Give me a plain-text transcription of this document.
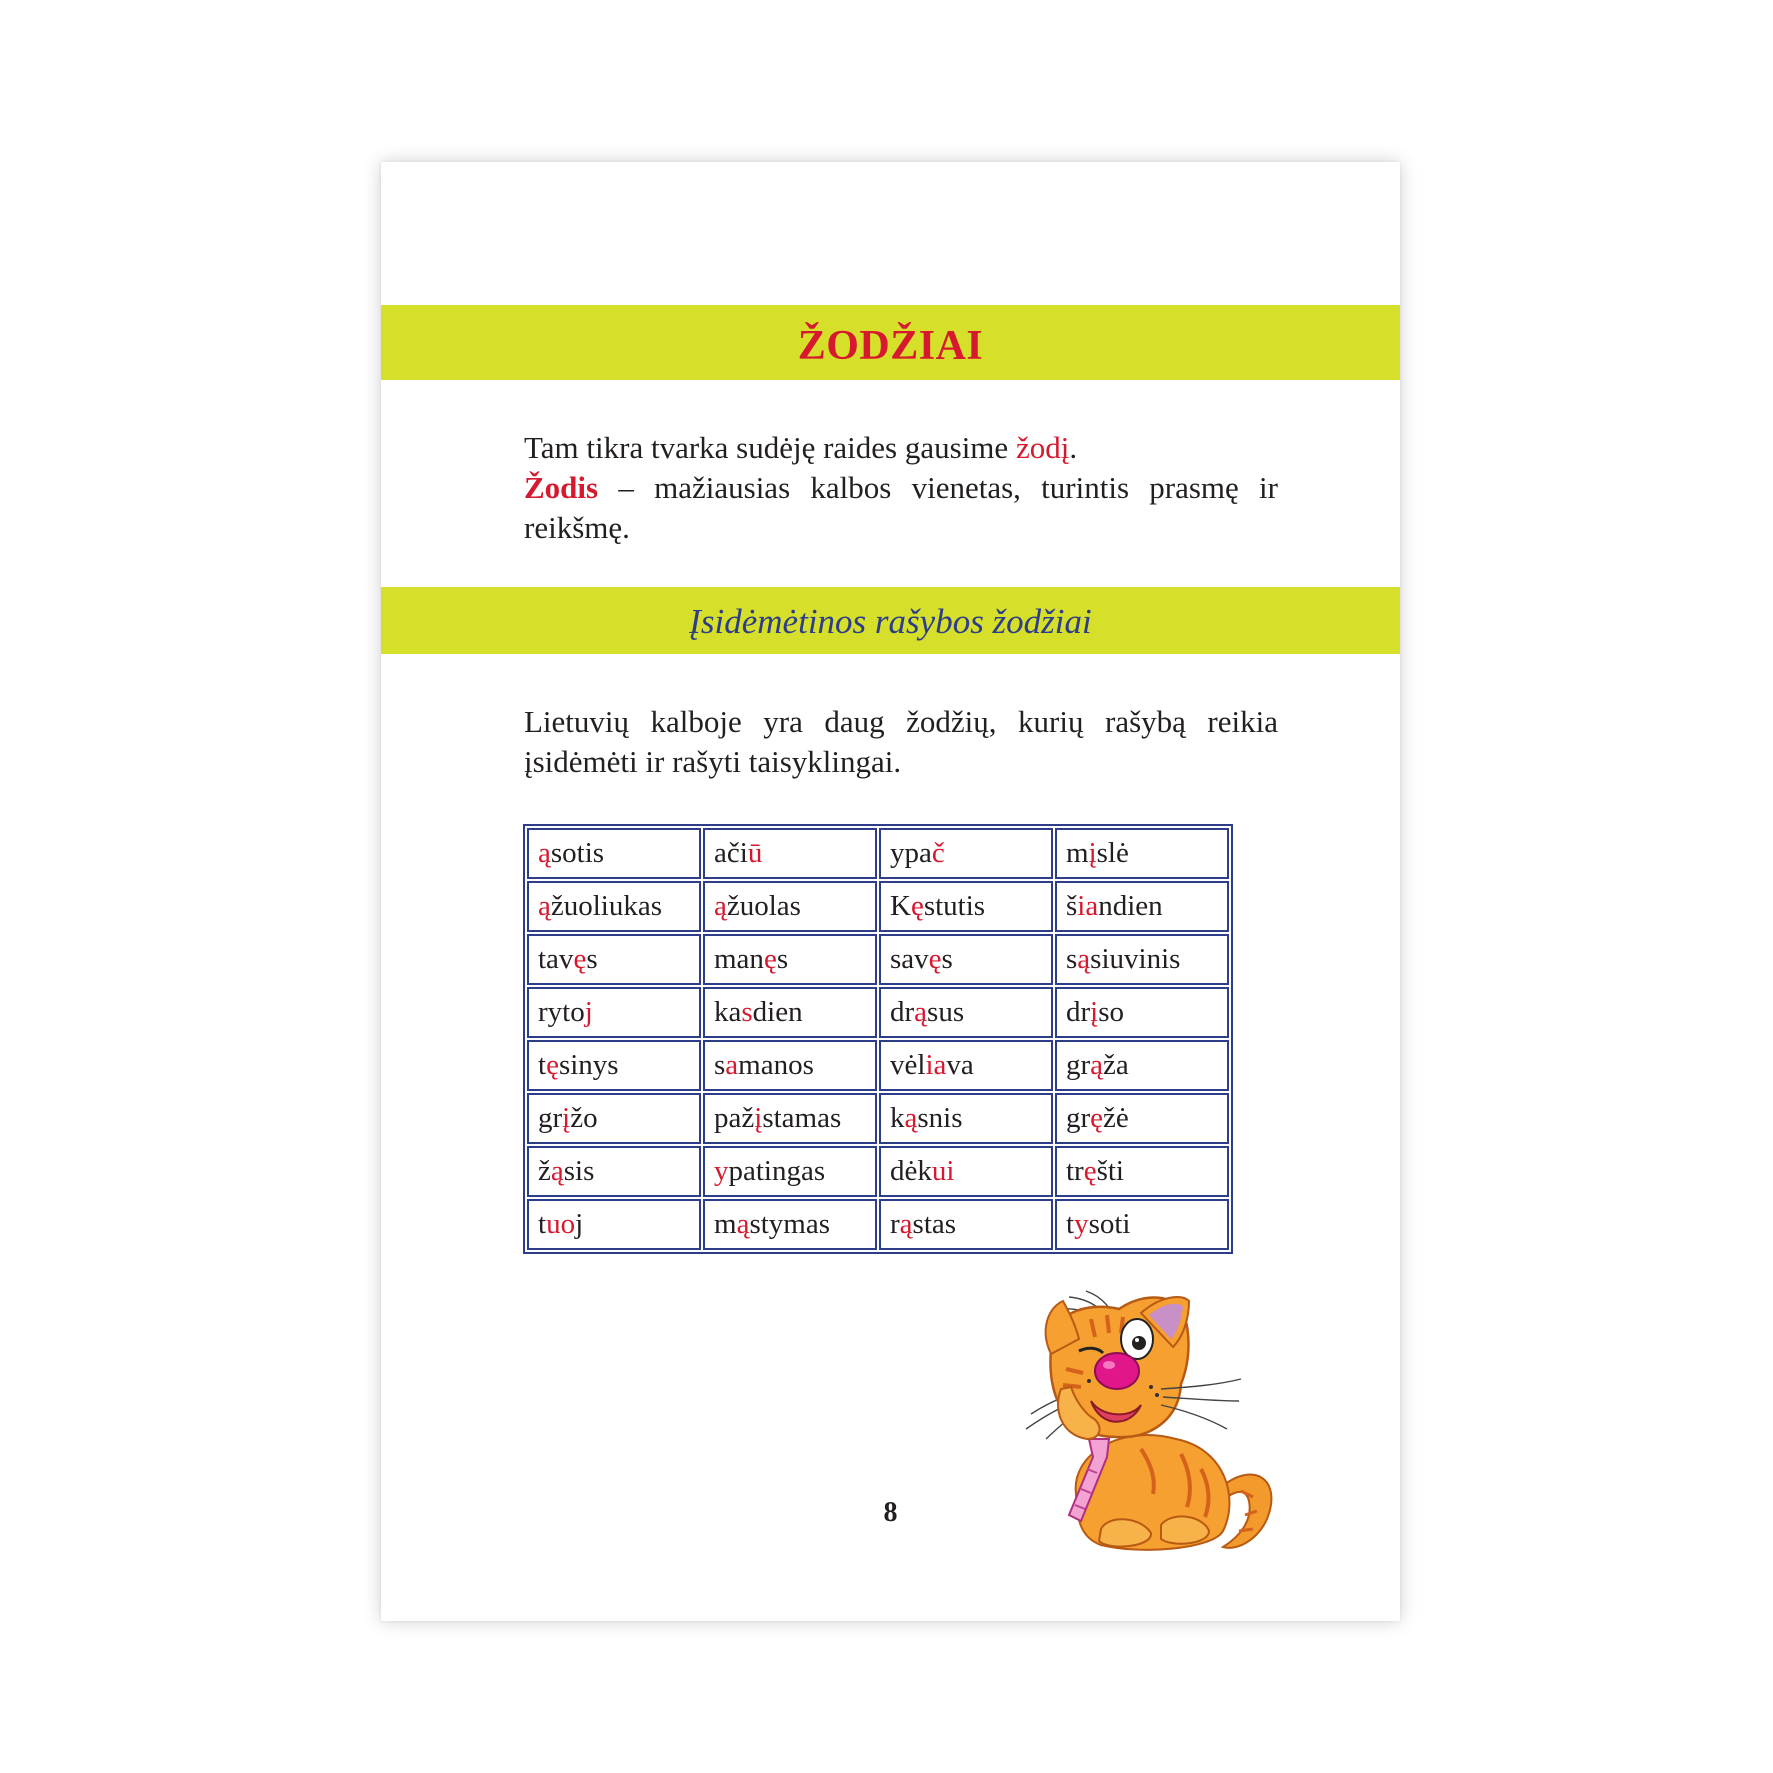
ŽODŽIAI
Tam tikra tvarka sudėję raides gausime žodį.
Žodis – mažiausias kalbos vienetas, turintis prasmę ir
reikšmę.
Įsidėmėtinos rašybos žodžiai
Lietuvių kalboje yra daug žodžių, kurių rašybą reikia
įsidėmėti ir rašyti taisyklingai.
ąsotis	ačiū	ypač	mįslė
ąžuoliukas	ąžuolas	Kęstutis	šiandien
tavęs	manęs	savęs	sąsiuvinis
rytoj	kasdien	drąsus	drįso
tęsinys	samanos	vėliava	grąža
grįžo	pažįstamas	kąsnis	gręžė
žąsis	ypatingas	dėkui	tręšti
tuoj	mąstymas	rąstas	tysoti
8
